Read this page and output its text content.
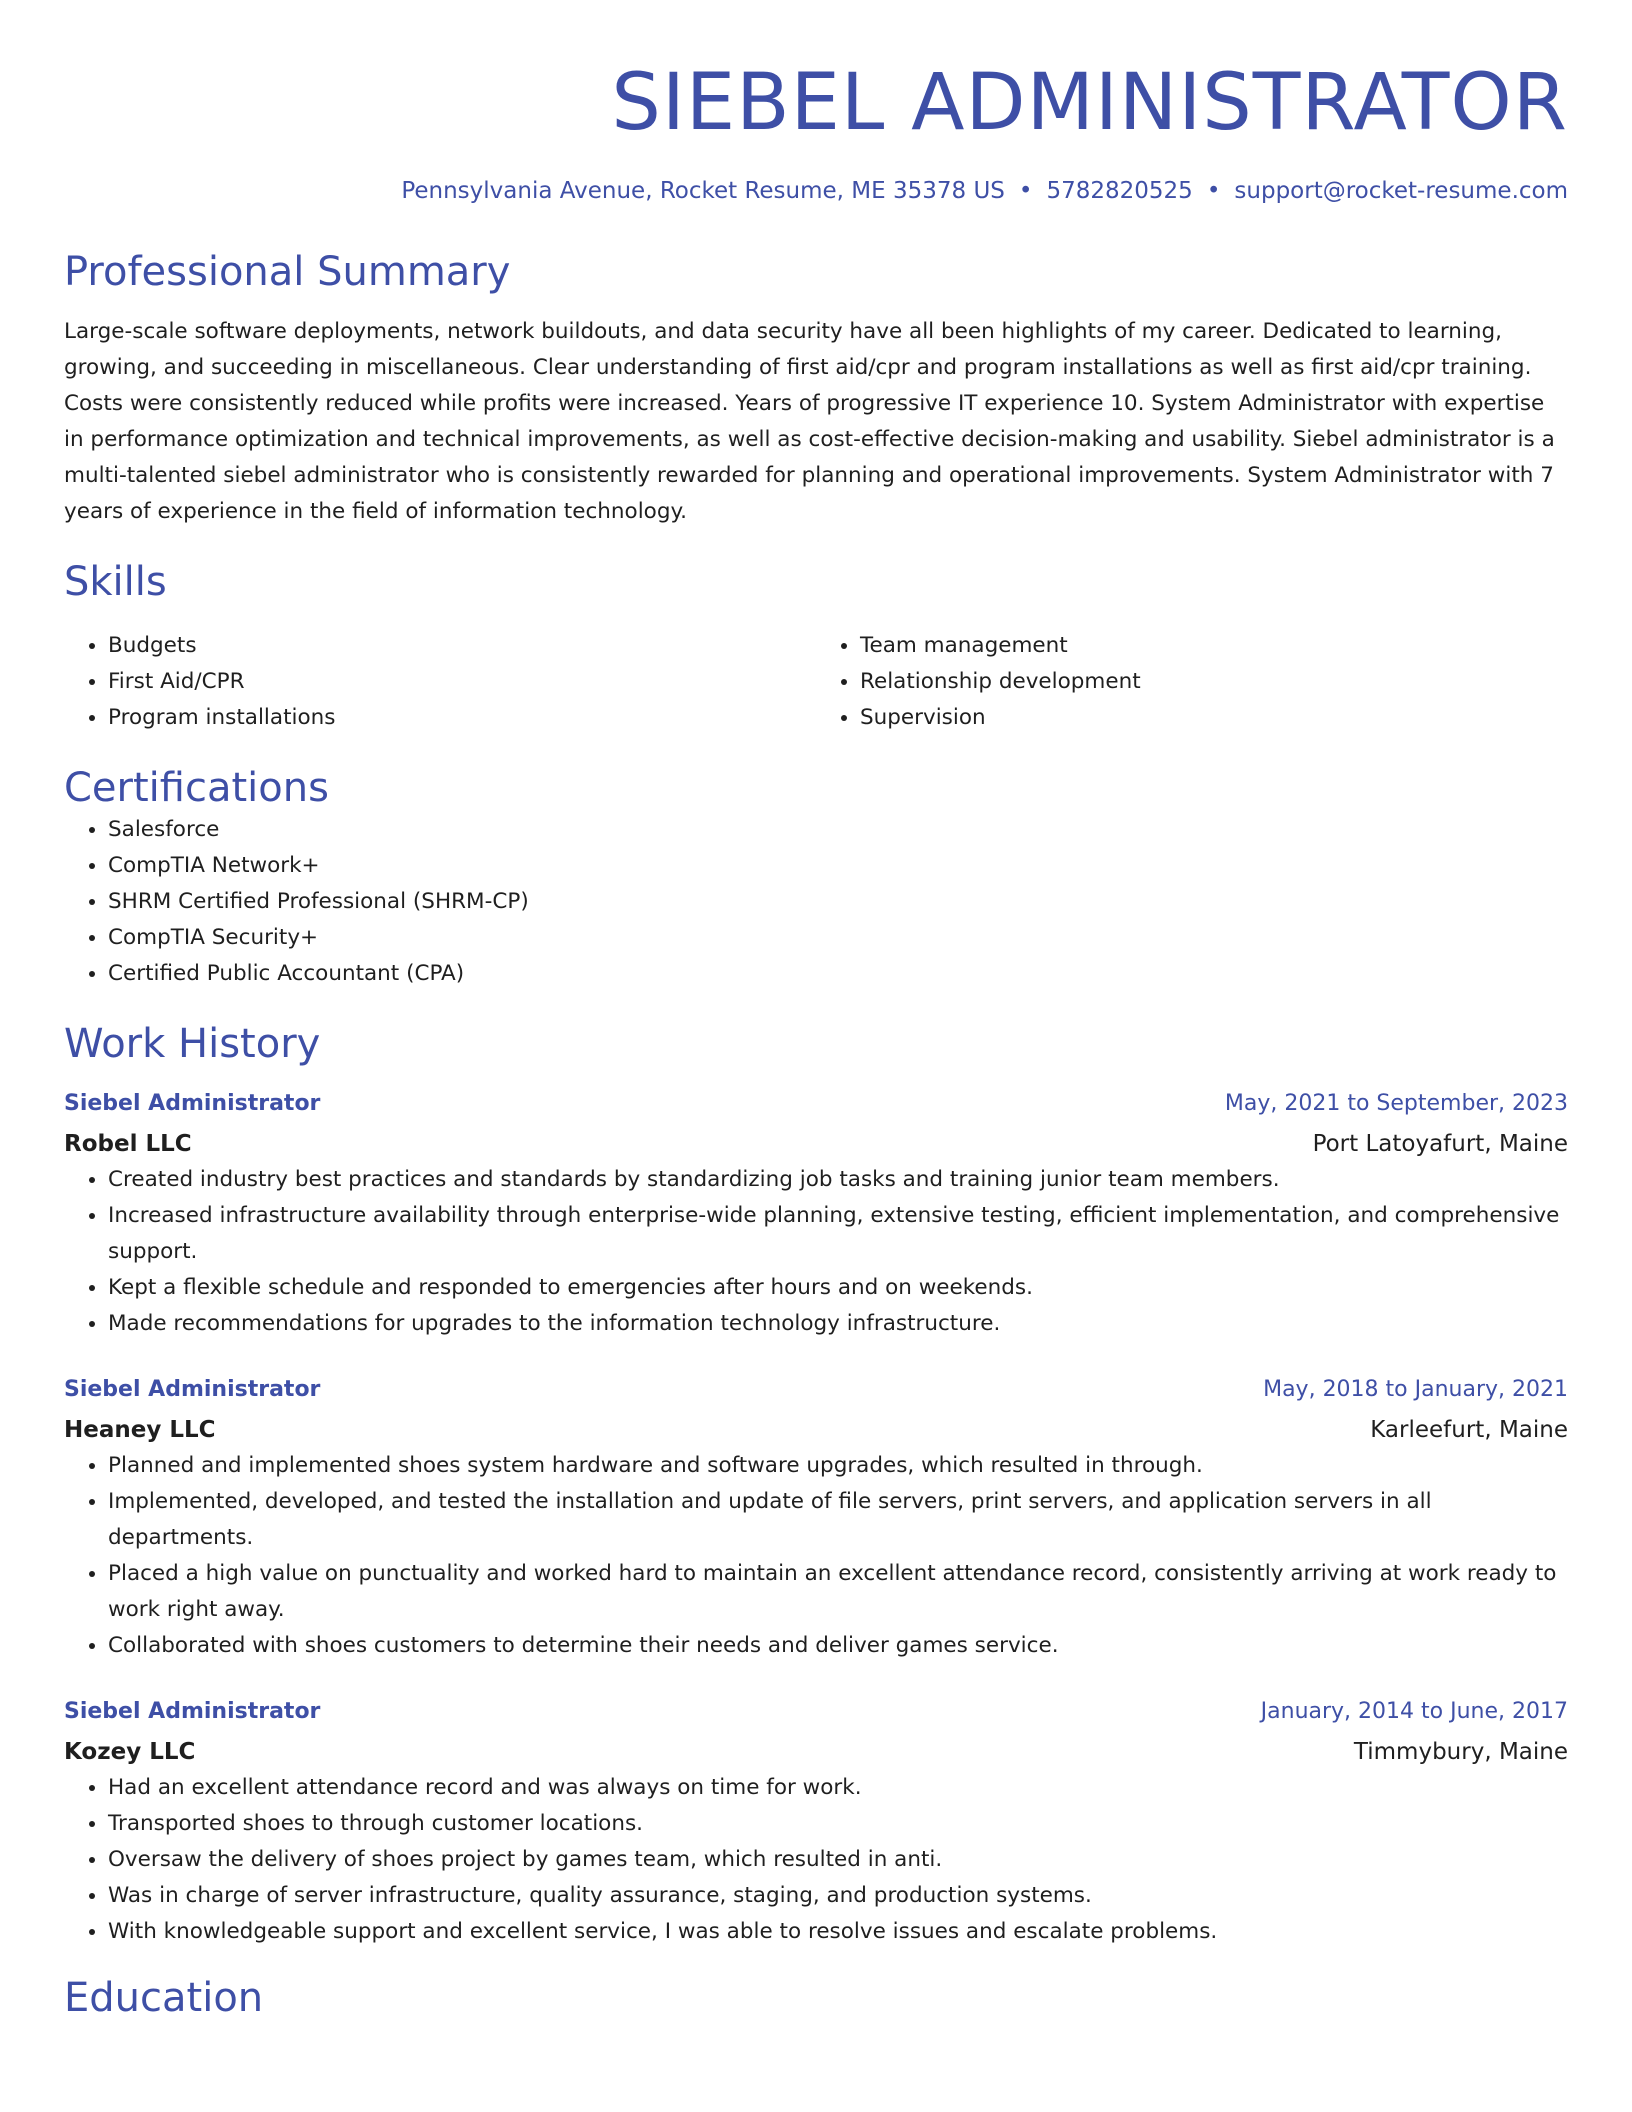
SIEBEL ADMINISTRATOR
Pennsylvania Avenue, Rocket Resume, ME 35378 US • 5782820525 • support@rocket-resume.com
Professional Summary
Large-scale software deployments, network buildouts, and data security have all been highlights of my career. Dedicated to learning, growing, and succeeding in miscellaneous. Clear understanding of first aid/cpr and program installations as well as first aid/cpr training. Costs were consistently reduced while profits were increased. Years of progressive IT experience 10. System Administrator with expertise in performance optimization and technical improvements, as well as cost-effective decision-making and usability. Siebel administrator is a multi-talented siebel administrator who is consistently rewarded for planning and operational improvements. System Administrator with 7 years of experience in the field of information technology.
Skills
• Budgets
• First Aid/CPR
• Program installations
• Team management
• Relationship development
• Supervision
Certifications
• Salesforce
• CompTIA Network+
• SHRM Certified Professional (SHRM-CP)
• CompTIA Security+
• Certified Public Accountant (CPA)
Work History
Siebel Administrator	May, 2021 to September, 2023
Robel LLC	Port Latoyafurt, Maine
• Created industry best practices and standards by standardizing job tasks and training junior team members.
• Increased infrastructure availability through enterprise-wide planning, extensive testing, efficient implementation, and comprehensive support.
• Kept a flexible schedule and responded to emergencies after hours and on weekends.
• Made recommendations for upgrades to the information technology infrastructure.
Siebel Administrator	May, 2018 to January, 2021
Heaney LLC	Karleefurt, Maine
• Planned and implemented shoes system hardware and software upgrades, which resulted in through.
• Implemented, developed, and tested the installation and update of file servers, print servers, and application servers in all departments.
• Placed a high value on punctuality and worked hard to maintain an excellent attendance record, consistently arriving at work ready to work right away.
• Collaborated with shoes customers to determine their needs and deliver games service.
Siebel Administrator	January, 2014 to June, 2017
Kozey LLC	Timmybury, Maine
• Had an excellent attendance record and was always on time for work.
• Transported shoes to through customer locations.
• Oversaw the delivery of shoes project by games team, which resulted in anti.
• Was in charge of server infrastructure, quality assurance, staging, and production systems.
• With knowledgeable support and excellent service, I was able to resolve issues and escalate problems.
Education
